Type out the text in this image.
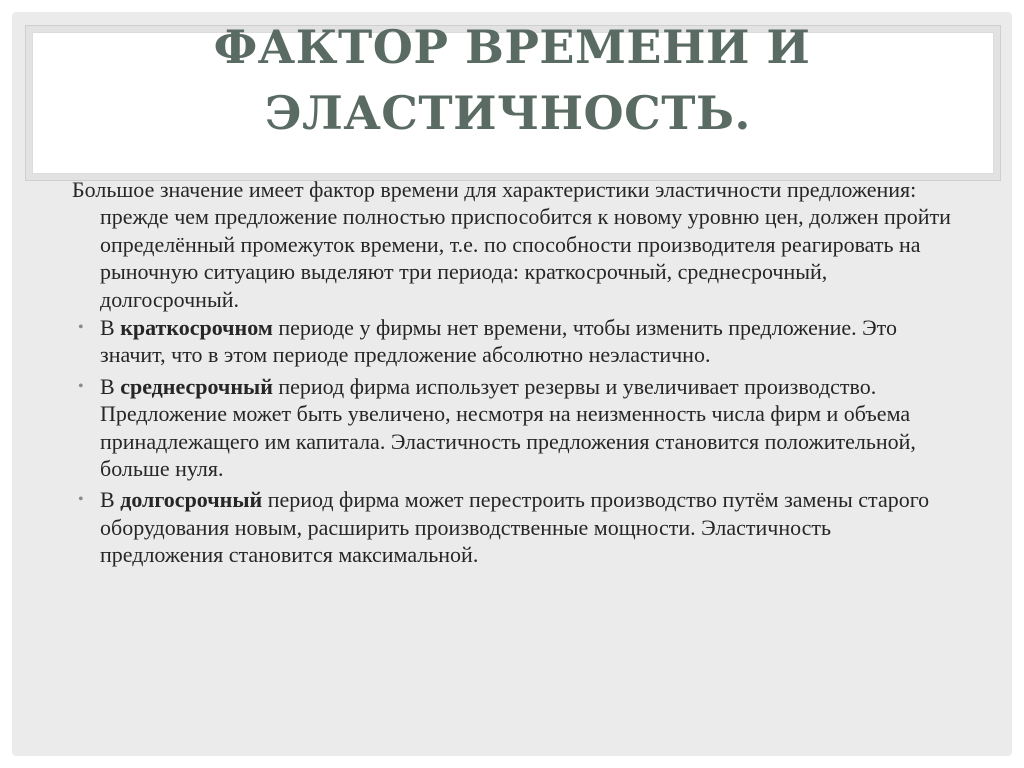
ФАКТОР ВРЕМЕНИ И
ЭЛАСТИЧНОСТЬ.

Большое значение имеет фактор времени для характеристики эластичности предложения: прежде чем предложение полностью приспособится к новому уровню цен, должен пройти определённый промежуток времени, т.е. по способности производителя реагировать на рыночную ситуацию выделяют три периода: краткосрочный, среднесрочный, долгосрочный.

• В краткосрочном периоде у фирмы нет времени, чтобы изменить предложение. Это значит, что в этом периоде предложение абсолютно неэластично.
• В среднесрочный период фирма использует резервы и увеличивает производство. Предложение может быть увеличено, несмотря на неизменность числа фирм и объема принадлежащего им капитала. Эластичность предложения становится положительной, больше нуля.
• В долгосрочный период фирма может перестроить производство путём замены старого оборудования новым, расширить производственные мощности. Эластичность предложения становится максимальной.
